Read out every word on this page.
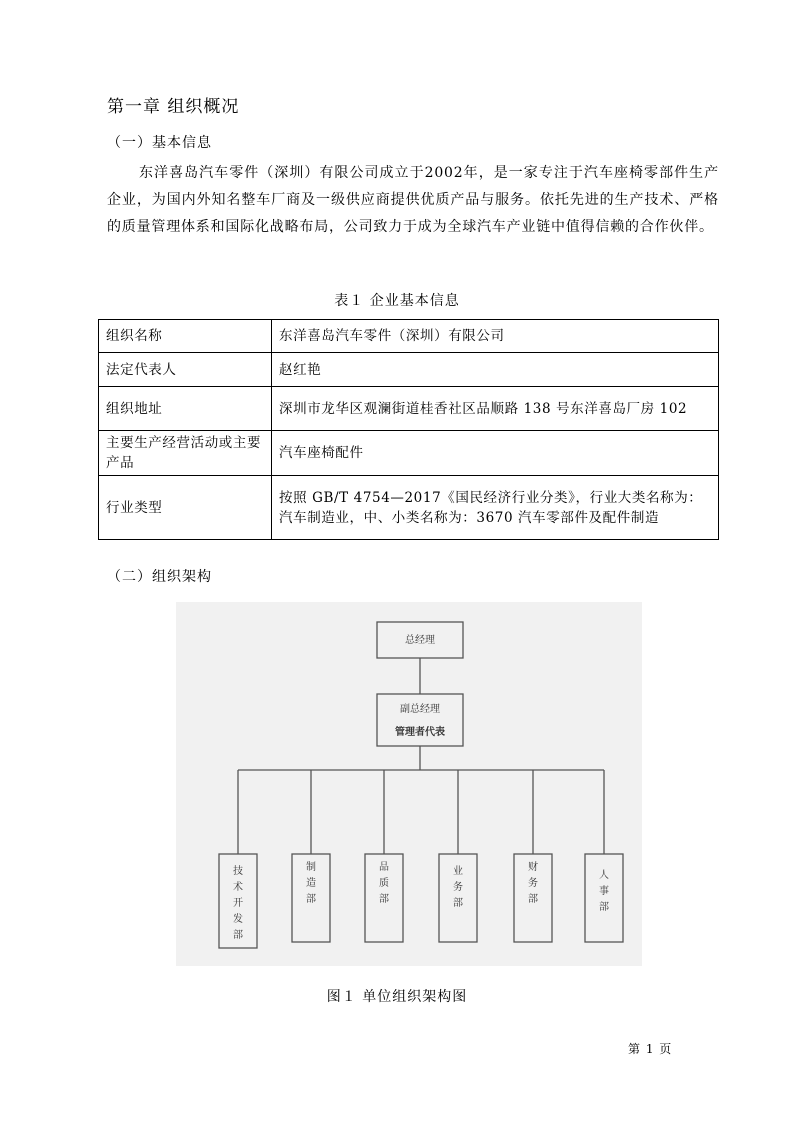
第一章 组织概况
（一）基本信息

东洋喜岛汽车零件（深圳）有限公司成立于2002年，是一家专注于汽车座椅零部件生产企业，为国内外知名整车厂商及一级供应商提供优质产品与服务。依托先进的生产技术、严格的质量管理体系和国际化战略布局，公司致力于成为全球汽车产业链中值得信赖的合作伙伴。

表１ 企业基本信息
组织名称	东洋喜岛汽车零件（深圳）有限公司
法定代表人	赵红艳
组织地址	深圳市龙华区观澜街道桂香社区品顺路 138 号东洋喜岛厂房 102
主要生产经营活动或主要产品	汽车座椅配件
行业类型	按照 GB/T 4754—2017《国民经济行业分类》，行业大类名称为：汽车制造业，中、小类名称为：3670 汽车零部件及配件制造
（二）组织架构
总经理
副总经理
管理者代表
技术开发部
制造部
品质部
业务部
财务部
人事部
图１ 单位组织架构图
第 1 页
